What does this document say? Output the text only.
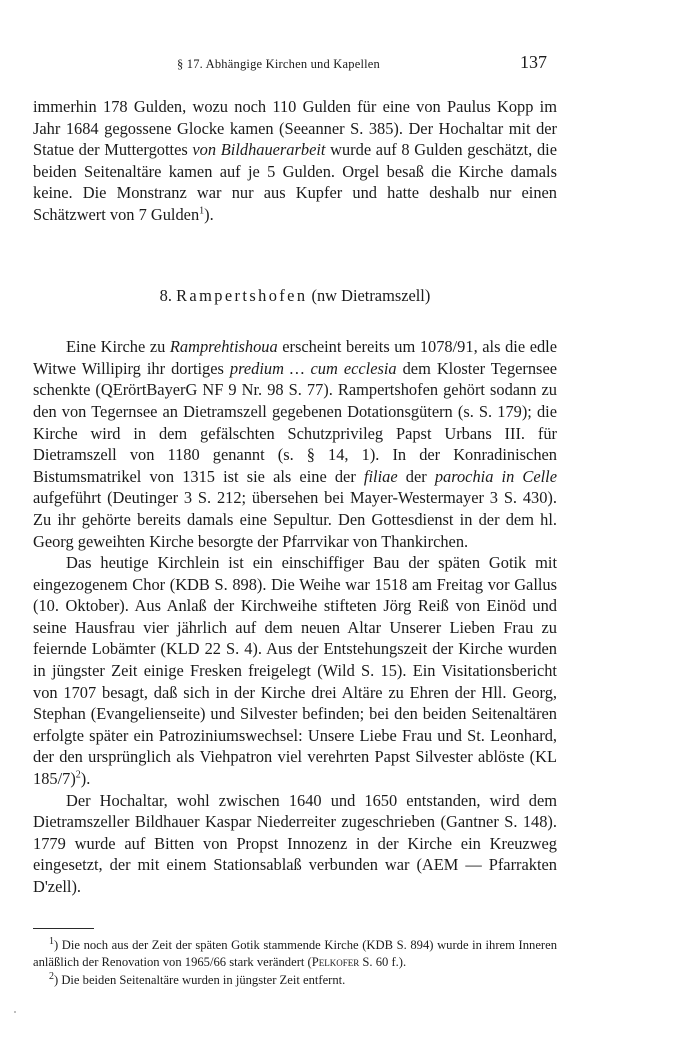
§ 17. Abhängige Kirchen und Kapellen	137

immerhin 178 Gulden, wozu noch 110 Gulden für eine von Paulus Kopp im Jahr 1684 gegossene Glocke kamen (Seeanner S. 385). Der Hochaltar mit der Statue der Muttergottes von Bildhauerarbeit wurde auf 8 Gulden geschätzt, die beiden Seitenaltäre kamen auf je 5 Gulden. Orgel besaß die Kirche damals keine. Die Monstranz war nur aus Kupfer und hatte deshalb nur einen Schätzwert von 7 Gulden$^1$).

8. Rampertshofen (nw Dietramszell)

Eine Kirche zu Ramprehtishoua erscheint bereits um 1078/91, als die edle Witwe Willipirg ihr dortiges predium … cum ecclesia dem Kloster Tegernsee schenkte (QErörtBayerG NF 9 Nr. 98 S. 77). Rampertshofen gehört sodann zu den von Tegernsee an Dietramszell gegebenen Dotationsgütern (s. S. 179); die Kirche wird in dem gefälschten Schutzprivileg Papst Urbans III. für Dietramszell von 1180 genannt (s. § 14, 1). In der Konradinischen Bistumsmatrikel von 1315 ist sie als eine der filiae der parochia in Celle aufgeführt (Deutinger 3 S. 212; übersehen bei Mayer-Westermayer 3 S. 430). Zu ihr gehörte bereits damals eine Sepultur. Den Gottesdienst in der dem hl. Georg geweihten Kirche besorgte der Pfarrvikar von Thankirchen.

Das heutige Kirchlein ist ein einschiffiger Bau der späten Gotik mit eingezogenem Chor (KDB S. 898). Die Weihe war 1518 am Freitag vor Gallus (10. Oktober). Aus Anlaß der Kirchweihe stifteten Jörg Reiß von Einöd und seine Hausfrau vier jährlich auf dem neuen Altar Unserer Lieben Frau zu feiernde Lobämter (KLD 22 S. 4). Aus der Entstehungszeit der Kirche wurden in jüngster Zeit einige Fresken freigelegt (Wild S. 15). Ein Visitationsbericht von 1707 besagt, daß sich in der Kirche drei Altäre zu Ehren der Hll. Georg, Stephan (Evangelienseite) und Silvester befinden; bei den beiden Seitenaltären erfolgte später ein Patroziniumswechsel: Unsere Liebe Frau und St. Leonhard, der den ursprünglich als Viehpatron viel verehrten Papst Silvester ablöste (KL 185/7)$^2$).

Der Hochaltar, wohl zwischen 1640 und 1650 entstanden, wird dem Dietramszeller Bildhauer Kaspar Niederreiter zugeschrieben (Gantner S. 148). 1779 wurde auf Bitten von Propst Innozenz in der Kirche ein Kreuzweg eingesetzt, der mit einem Stationsablaß verbunden war (AEM — Pfarrakten D'zell).

$^1$) Die noch aus der Zeit der späten Gotik stammende Kirche (KDB S. 894) wurde in ihrem Inneren anläßlich der Renovation von 1965/66 stark verändert (Pelkofer S. 60 f.).

$^2$) Die beiden Seitenaltäre wurden in jüngster Zeit entfernt.
